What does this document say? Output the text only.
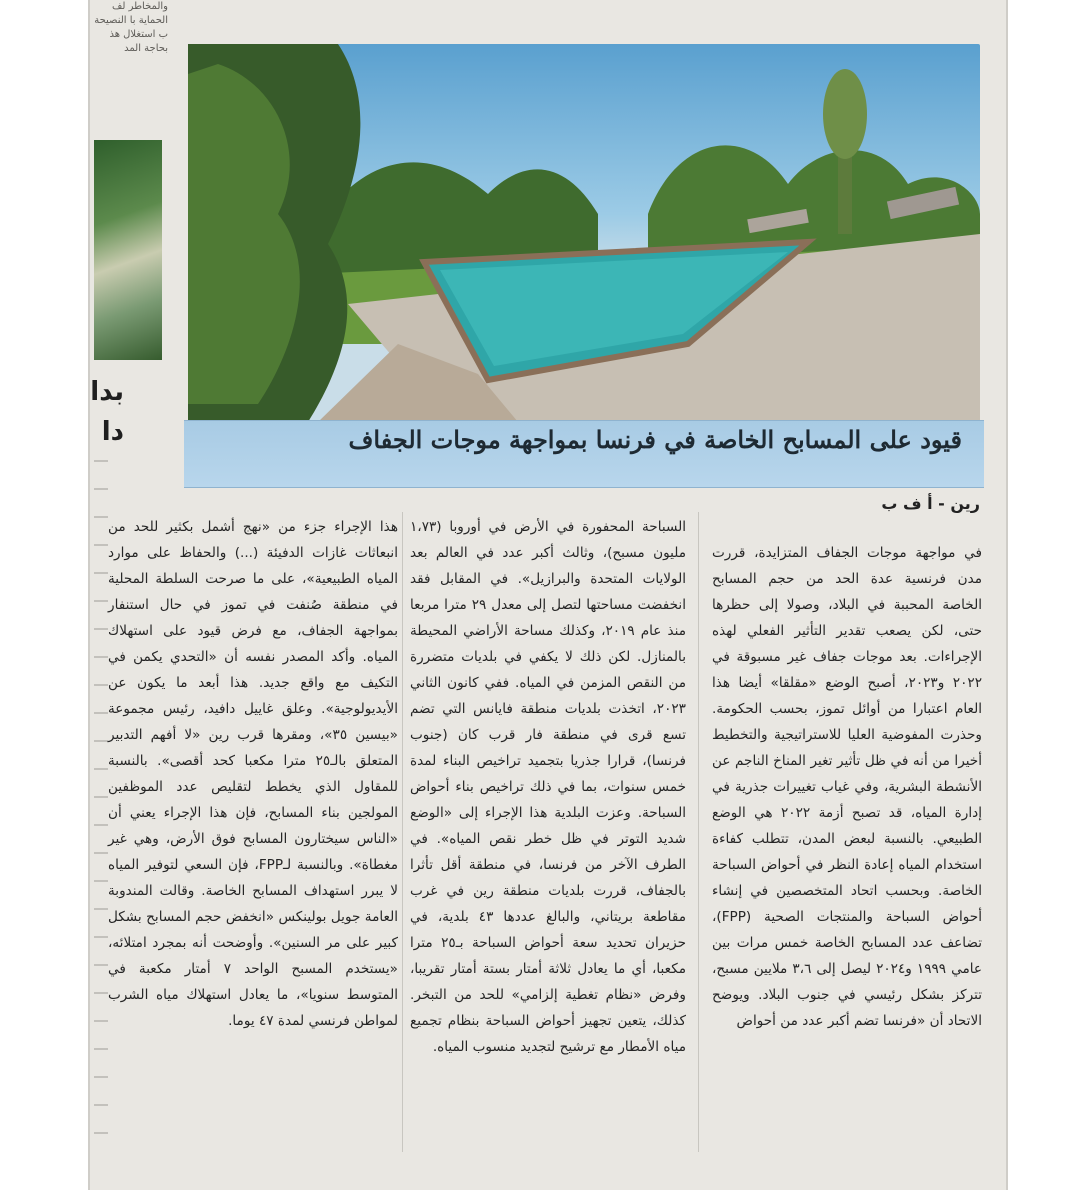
والمخاطر لف الحماية با النصيحة ب استغلال هذ بحاجة المد
بدا دا	قيود على المسابح الخاصة في فرنسا بمواجهة موجات الجفاف
رين - أ ف ب

في مواجهة موجات الجفاف المتزايدة، قررت مدن فرنسية عدة الحد من حجم المسابح الخاصة المحببة في البلاد، وصولا إلى حظرها حتى، لكن يصعب تقدير التأثير الفعلي لهذه الإجراءات. بعد موجات جفاف غير مسبوقة في ٢٠٢٢ و٢٠٢٣، أصبح الوضع «مقلقا» أيضا هذا العام اعتبارا من أوائل تموز، بحسب الحكومة. وحذرت المفوضية العليا للاستراتيجية والتخطيط أخيرا من أنه في ظل تأثير تغير المناخ الناجم عن الأنشطة البشرية، وفي غياب تغييرات جذرية في إدارة المياه، قد تصبح أزمة ٢٠٢٢ هي الوضع الطبيعي. بالنسبة لبعض المدن، تتطلب كفاءة استخدام المياه إعادة النظر في أحواض السباحة الخاصة. وبحسب اتحاد المتخصصين في إنشاء أحواض السباحة والمنتجات الصحية (FPP)، تضاعف عدد المسابح الخاصة خمس مرات بين عامي ١٩٩٩ و٢٠٢٤ ليصل إلى ٣،٦ ملايين مسبح، تتركز بشكل رئيسي في جنوب البلاد. ويوضح الاتحاد أن «فرنسا تضم أكبر عدد من أحواض

السباحة المحفورة في الأرض في أوروبا (١،٧٣ مليون مسبح)، وثالث أكبر عدد في العالم بعد الولايات المتحدة والبرازيل». في المقابل فقد انخفضت مساحتها لتصل إلى معدل ٢٩ مترا مربعا منذ عام ٢٠١٩، وكذلك مساحة الأراضي المحيطة بالمنازل. لكن ذلك لا يكفي في بلديات متضررة من النقص المزمن في المياه. ففي كانون الثاني ٢٠٢٣، اتخذت بلديات منطقة فايانس التي تضم تسع قرى في منطقة فار قرب كان (جنوب فرنسا)، قرارا جذريا بتجميد تراخيص البناء لمدة خمس سنوات، بما في ذلك تراخيص بناء أحواض السباحة. وعزت البلدية هذا الإجراء إلى «الوضع شديد التوتر في ظل خطر نقص المياه». في الطرف الآخر من فرنسا، في منطقة أقل تأثرا بالجفاف، قررت بلديات منطقة رين في غرب مقاطعة بريتاني، والبالغ عددها ٤٣ بلدية، في حزيران تحديد سعة أحواض السباحة بـ٢٥ مترا مكعبا، أي ما يعادل ثلاثة أمتار بستة أمتار تقريبا، وفرض «نظام تغطية إلزامي» للحد من التبخر. كذلك، يتعين تجهيز أحواض السباحة بنظام تجميع مياه الأمطار مع ترشيح لتجديد منسوب المياه.

هذا الإجراء جزء من «نهج أشمل بكثير للحد من انبعاثات غازات الدفيئة (...) والحفاظ على موارد المياه الطبيعية»، على ما صرحت السلطة المحلية في منطقة صُنفت في تموز في حال استنفار بمواجهة الجفاف، مع فرض قيود على استهلاك المياه. وأكد المصدر نفسه أن «التحدي يكمن في التكيف مع واقع جديد. هذا أبعد ما يكون عن الأيديولوجية». وعلق غاييل دافيد، رئيس مجموعة «بيسين ٣٥»، ومقرها قرب رين «لا أفهم التدبير المتعلق بالـ٢٥ مترا مكعبا كحد أقصى». بالنسبة للمقاول الذي يخطط لتقليص عدد الموظفين المولجين بناء المسابح، فإن هذا الإجراء يعني أن «الناس سيختارون المسابح فوق الأرض، وهي غير مغطاة». وبالنسبة لـFPP، فإن السعي لتوفير المياه لا يبرر استهداف المسابح الخاصة. وقالت المندوبة العامة جويل بولينكس «انخفض حجم المسابح بشكل كبير على مر السنين». وأوضحت أنه بمجرد امتلائه، «يستخدم المسبح الواحد ٧ أمتار مكعبة في المتوسط سنويا»، ما يعادل استهلاك مياه الشرب لمواطن فرنسي لمدة ٤٧ يوما.
